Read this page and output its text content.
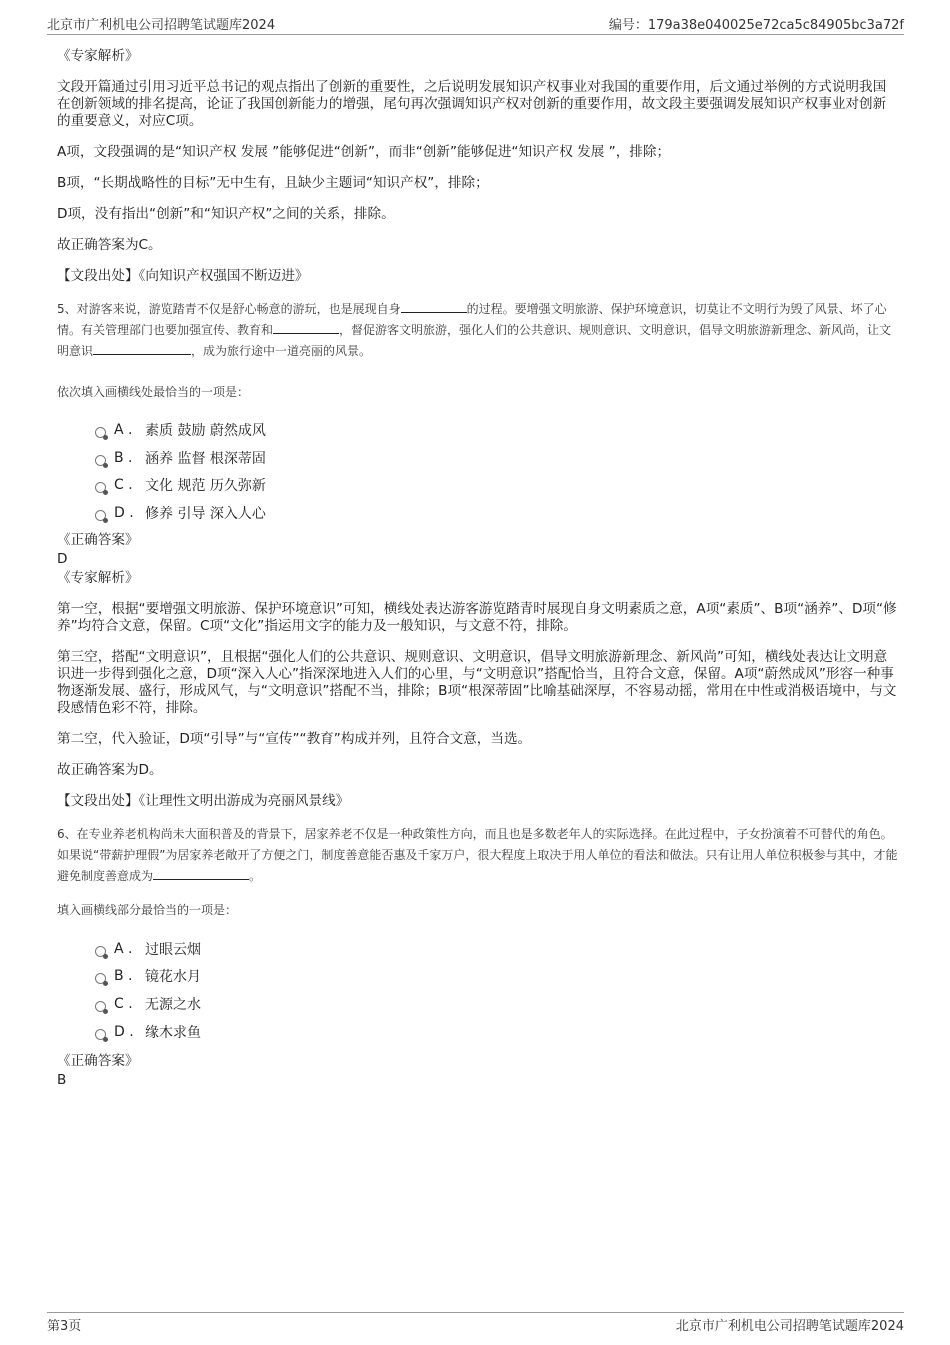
北京市广利机电公司招聘笔试题库2024	编号：179a38e040025e72ca5c84905bc3a72f

《专家解析》

文段开篇通过引用习近平总书记的观点指出了创新的重要性，之后说明发展知识产权事业对我国的重要作用，后文通过举例的方式说明我国在创新领域的排名提高，论证了我国创新能力的增强，尾句再次强调知识产权对创新的重要作用，故文段主要强调发展知识产权事业对创新的重要意义，对应C项。

A项，文段强调的是“知识产权 发展 ”能够促进“创新”，而非“创新”能够促进“知识产权 发展 ”，排除；

B项，“长期战略性的目标”无中生有，且缺少主题词“知识产权”，排除；

D项，没有指出“创新”和“知识产权”之间的关系，排除。

故正确答案为C。

【文段出处】《向知识产权强国不断迈进》

5、对游客来说，游览踏青不仅是舒心畅意的游玩，也是展现自身	的过程。要增强文明旅游、保护环境意识，切莫让不文明行为毁了风景、坏了心情。有关管理部门也要加强宣传、教育和	，督促游客文明旅游，强化人们的公共意识、规则意识、文明意识，倡导文明旅游新理念、新风尚，让文明意识	，成为旅行途中一道亮丽的风景。

依次填入画横线处最恰当的一项是：

A . 素质 鼓励 蔚然成风
B . 涵养 监督 根深蒂固
C . 文化 规范 历久弥新
D . 修养 引导 深入人心

《正确答案》

D

《专家解析》

第一空，根据“要增强文明旅游、保护环境意识”可知，横线处表达游客游览踏青时展现自身文明素质之意，A项“素质”、B项“涵养”、D项“修养”均符合文意，保留。C项“文化”指运用文字的能力及一般知识，与文意不符，排除。

第三空，搭配“文明意识”，且根据“强化人们的公共意识、规则意识、文明意识，倡导文明旅游新理念、新风尚”可知，横线处表达让文明意识进一步得到强化之意，D项“深入人心”指深深地进入人们的心里，与“文明意识”搭配恰当，且符合文意，保留。A项“蔚然成风”形容一种事物逐渐发展、盛行，形成风气，与“文明意识”搭配不当，排除；B项“根深蒂固”比喻基础深厚，不容易动摇，常用在中性或消极语境中，与文段感情色彩不符，排除。

第二空，代入验证，D项“引导”与“宣传”“教育”构成并列，且符合文意，当选。

故正确答案为D。

【文段出处】《让理性文明出游成为亮丽风景线》

6、在专业养老机构尚未大面积普及的背景下，居家养老不仅是一种政策性方向，而且也是多数老年人的实际选择。在此过程中，子女扮演着不可替代的角色。如果说“带薪护理假”为居家养老敞开了方便之门，制度善意能否惠及千家万户，很大程度上取决于用人单位的看法和做法。只有让用人单位积极参与其中，才能避免制度善意成为	。

填入画横线部分最恰当的一项是：

A . 过眼云烟
B . 镜花水月
C . 无源之水
D . 缘木求鱼

《正确答案》

B

第3页	北京市广利机电公司招聘笔试题库2024
